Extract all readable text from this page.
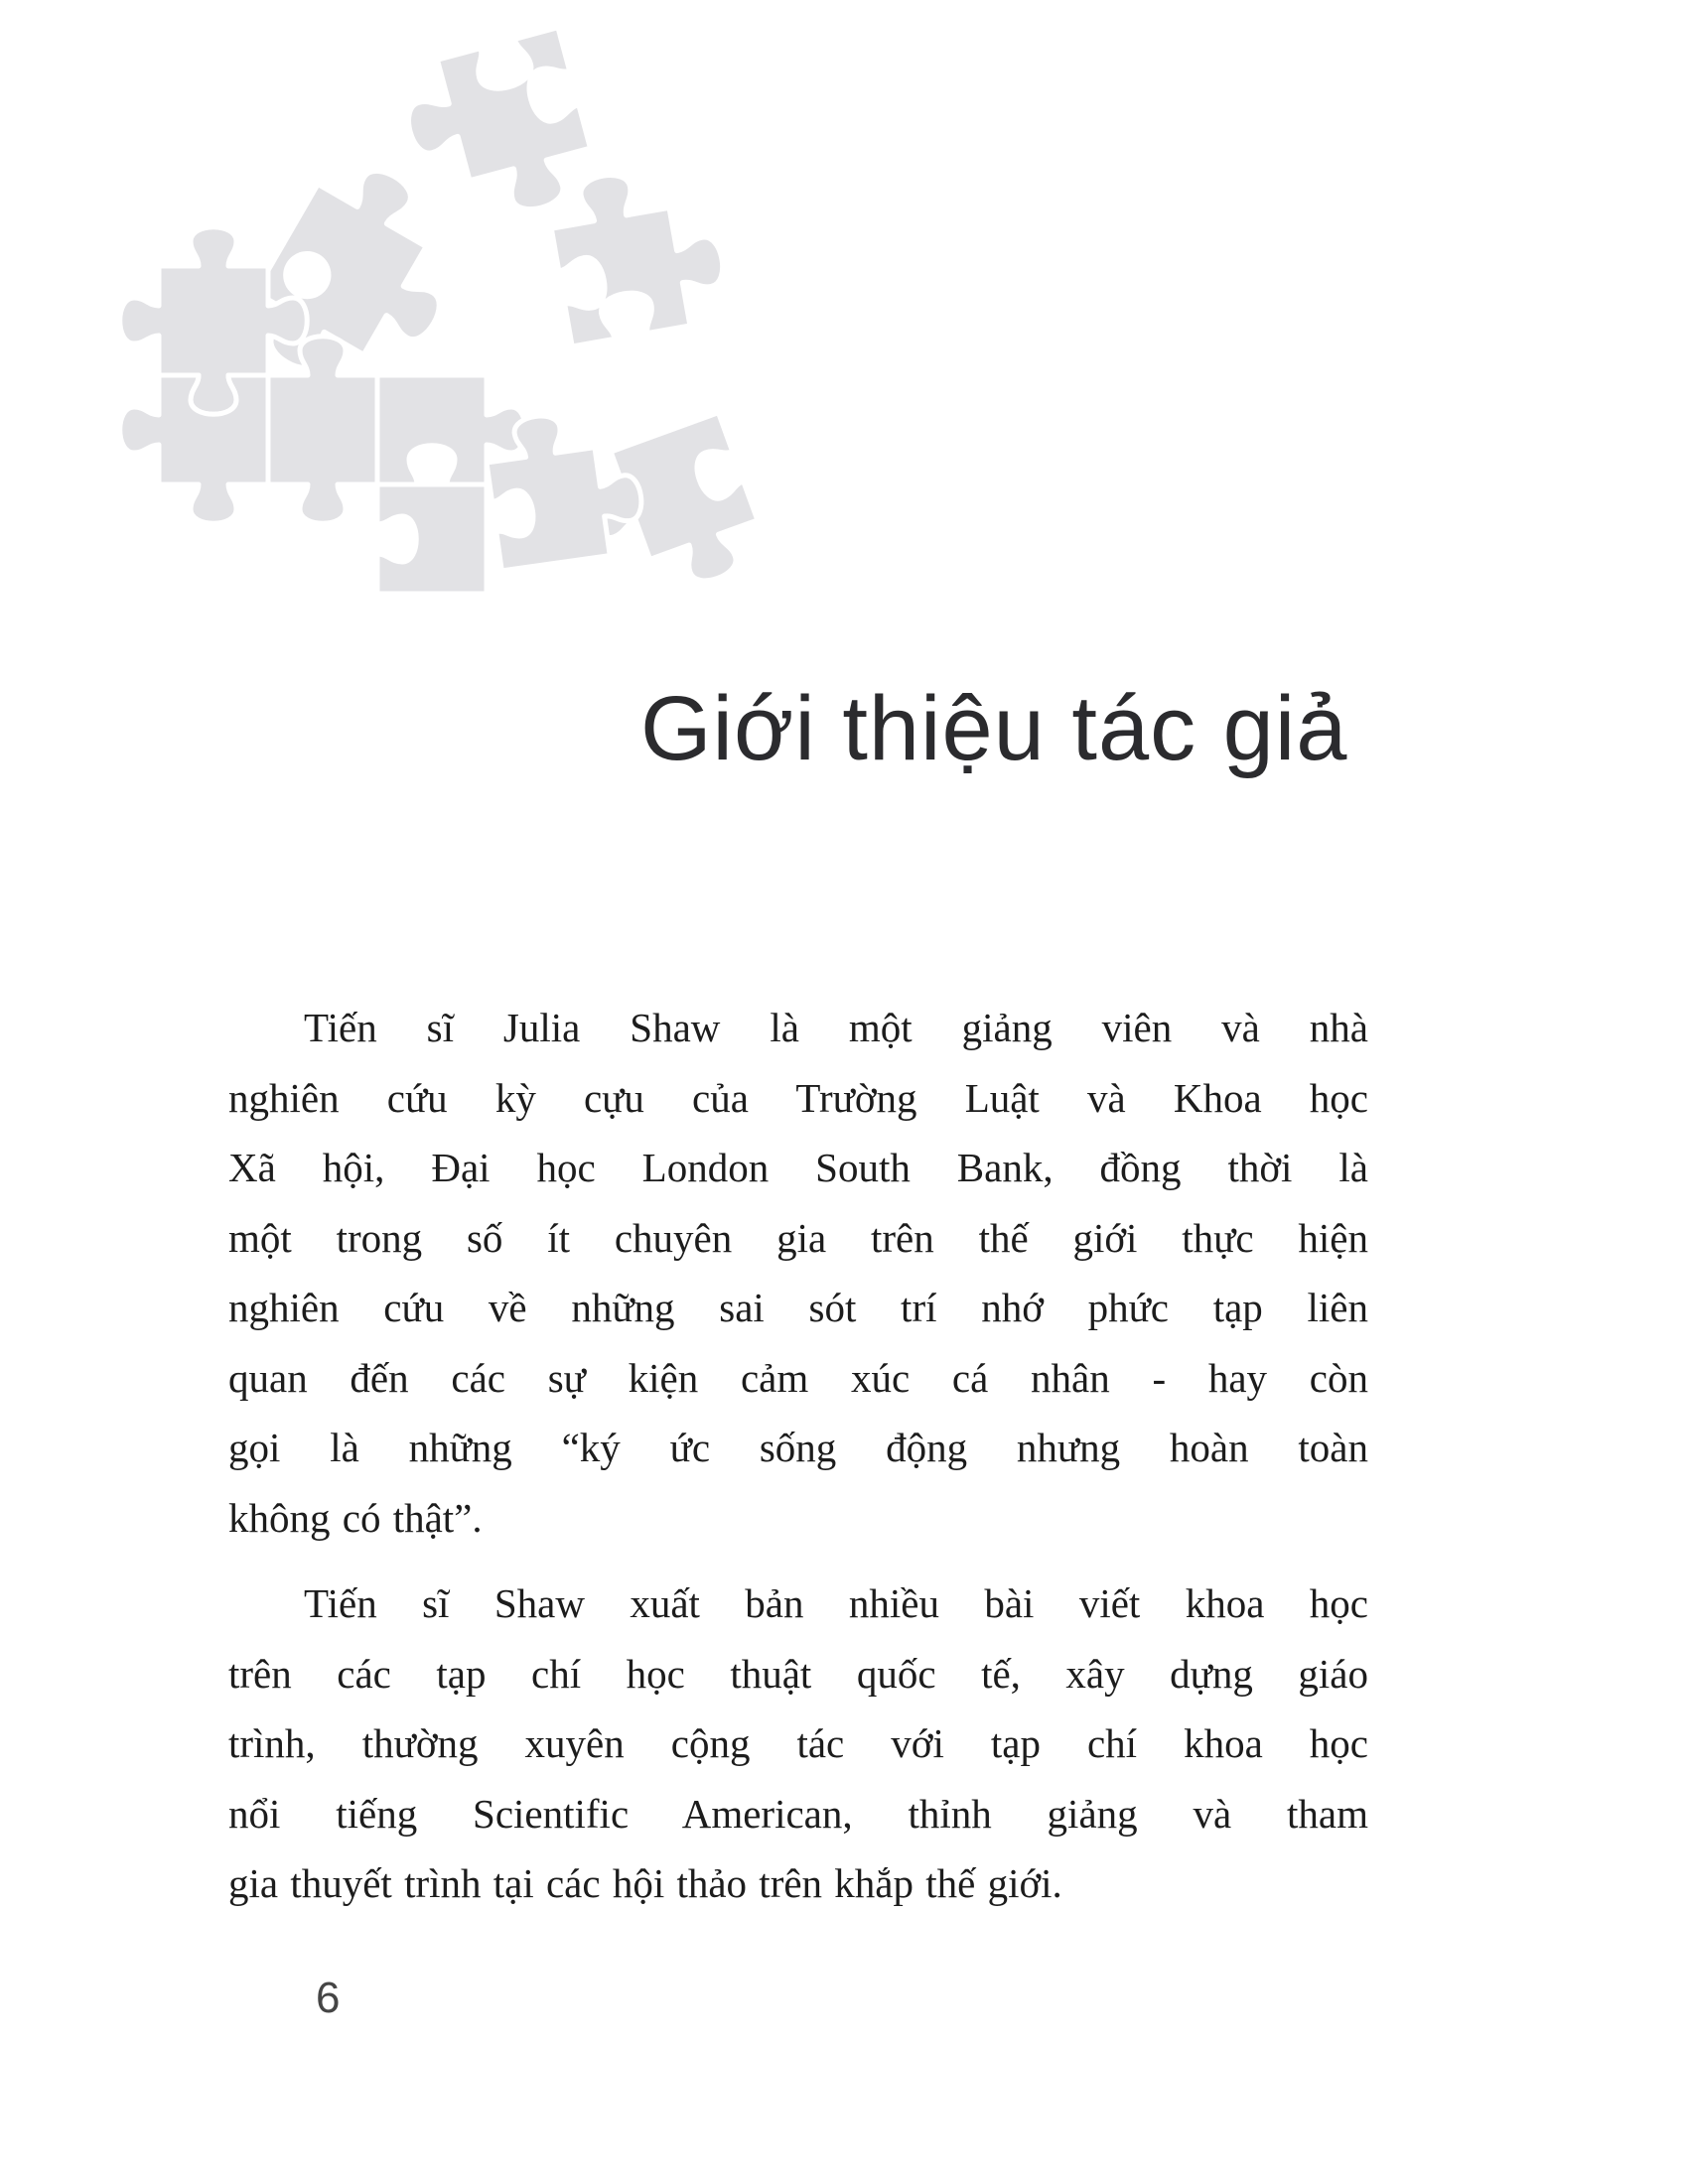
Giới thiệu tác giả
Tiến sĩ Julia Shaw là một giảng viên và nhà
nghiên cứu kỳ cựu của Trường Luật và Khoa học
Xã hội, Đại học London South Bank, đồng thời là
một trong số ít chuyên gia trên thế giới thực hiện
nghiên cứu về những sai sót trí nhớ phức tạp liên
quan đến các sự kiện cảm xúc cá nhân - hay còn
gọi là những “ký ức sống động nhưng hoàn toàn
không có thật”.
Tiến sĩ Shaw xuất bản nhiều bài viết khoa học
trên các tạp chí học thuật quốc tế, xây dựng giáo
trình, thường xuyên cộng tác với tạp chí khoa học
nổi tiếng Scientific American, thỉnh giảng và tham
gia thuyết trình tại các hội thảo trên khắp thế giới.
6
